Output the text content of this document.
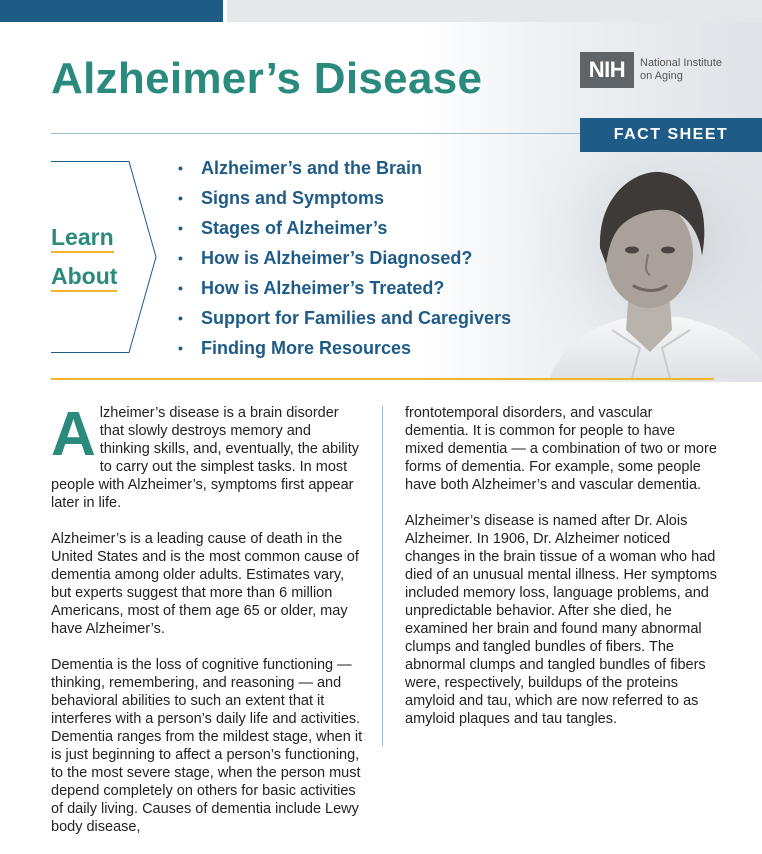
Alzheimer’s Disease	NIH	National Institute
on Aging
FACT SHEET
Learn
About
•	Alzheimer’s and the Brain
•	Signs and Symptoms
•	Stages of Alzheimer’s
•	How is Alzheimer’s Diagnosed?
•	How is Alzheimer’s Treated?
•	Support for Families and Caregivers
•	Finding More Resources

Alzheimer’s disease is a brain disorder that slowly destroys memory and thinking skills, and, eventually, the ability to carry out the simplest tasks. In most people with Alzheimer’s, symptoms first appear later in life.

Alzheimer’s is a leading cause of death in the United States and is the most common cause of dementia among older adults. Estimates vary, but experts suggest that more than 6 million Americans, most of them age 65 or older, may have Alzheimer’s.

Dementia is the loss of cognitive functioning — thinking, remembering, and reasoning — and behavioral abilities to such an extent that it interferes with a person’s daily life and activities. Dementia ranges from the mildest stage, when it is just beginning to affect a person’s functioning, to the most severe stage, when the person must depend completely on others for basic activities of daily living. Causes of dementia include Lewy body disease,

frontotemporal disorders, and vascular dementia. It is common for people to have mixed dementia — a combination of two or more forms of dementia. For example, some people have both Alzheimer’s and vascular dementia.

Alzheimer’s disease is named after Dr. Alois Alzheimer. In 1906, Dr. Alzheimer noticed changes in the brain tissue of a woman who had died of an unusual mental illness. Her symptoms included memory loss, language problems, and unpredictable behavior. After she died, he examined her brain and found many abnormal clumps and tangled bundles of fibers. The abnormal clumps and tangled bundles of fibers were, respectively, buildups of the proteins amyloid and tau, which are now referred to as amyloid plaques and tau tangles.
